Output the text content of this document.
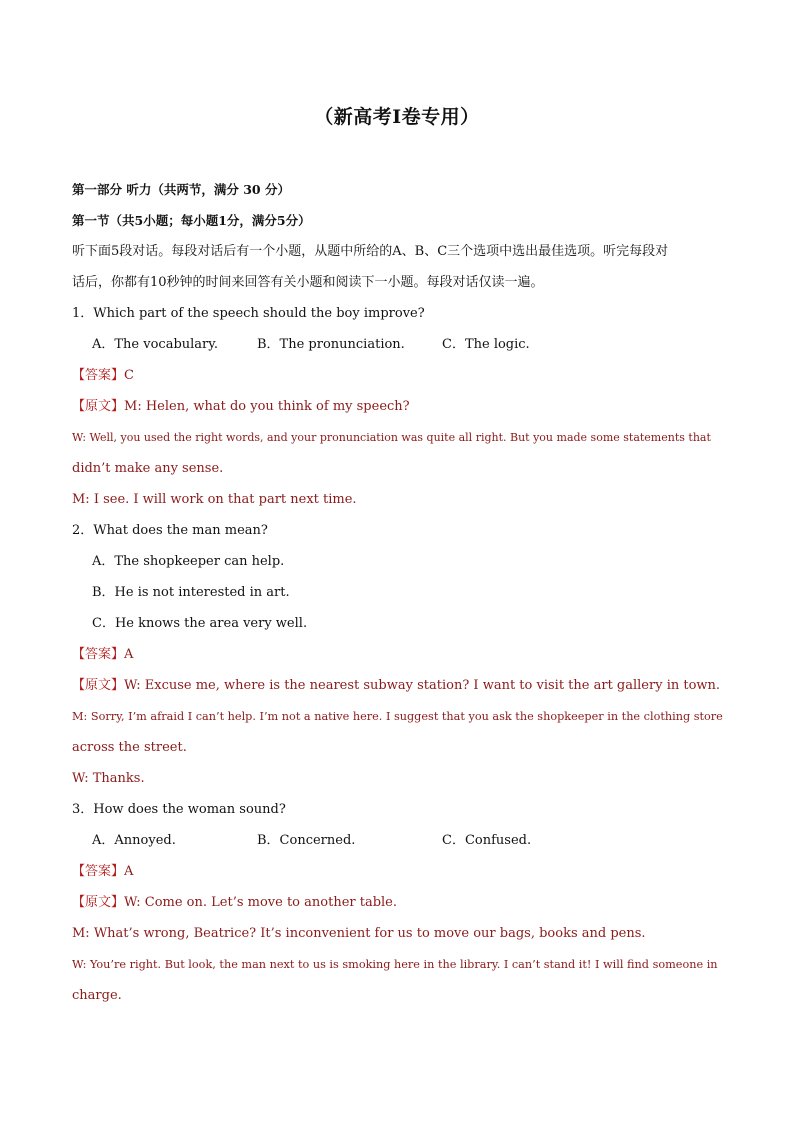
（新高考I卷专用）
第一部分 听力（共两节，满分 30 分）
第一节（共5小题；每小题1分，满分5分）
听下面5段对话。每段对话后有一个小题，从题中所给的A、B、C三个选项中选出最佳选项。听完每段对
话后，你都有10秒钟的时间来回答有关小题和阅读下一小题。每段对话仅读一遍。
1．Which part of the speech should the boy improve?
A．The vocabulary.	B．The pronunciation.	C．The logic.
【答案】C
【原文】M: Helen, what do you think of my speech?
W: Well, you used the right words, and your pronunciation was quite all right. But you made some statements that
didn’t make any sense.
M: I see. I will work on that part next time.
2．What does the man mean?
A．The shopkeeper can help.
B．He is not interested in art.
C．He knows the area very well.
【答案】A
【原文】W: Excuse me, where is the nearest subway station? I want to visit the art gallery in town.
M: Sorry, I’m afraid I can’t help. I’m not a native here. I suggest that you ask the shopkeeper in the clothing store
across the street.
W: Thanks.
3．How does the woman sound?
A．Annoyed.	B．Concerned.	C．Confused.
【答案】A
【原文】W: Come on. Let’s move to another table.
M: What’s wrong, Beatrice? It’s inconvenient for us to move our bags, books and pens.
W: You’re right. But look, the man next to us is smoking here in the library. I can’t stand it! I will find someone in
charge.
